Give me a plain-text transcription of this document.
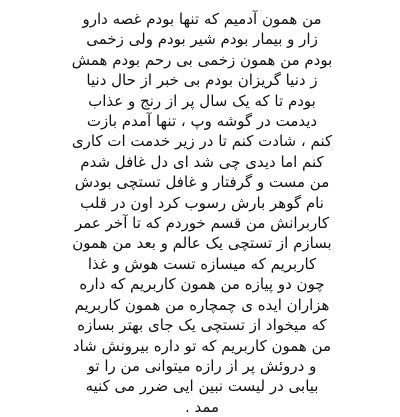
من همون آدمیم که تنها بودم غصه دارو
زار و بیمار بودم شیر بودم ولی زخمی
بودم من همون زخمی بی رحم بودم همش
ز دنیا گریزان بودم بی خبر از حال دنیا
بودم تا که یک سال پر از رنج و عذاب
دیدمت در گوشه وپ ، تنها آمدم بازت
کنم ، شادت کنم تا در زیر خدمت ات کاری
کنم اما دیدی چی شد ای دل غافل شدم
من مست و گرفتار و غافل تستچی بودش
نام گوهر بارش رسوب کرد اون در قلب
کاربرانش من قسم خوردم که تا آخر عمر
بسازم از تستچی یک عالم و بعد من همون
کاربریم که میسازه تست هوش و غذا
چون دو پیازه من همون کاربریم که داره
هزاران ایده ی چمچاره من همون کاربریم
که میخواد از تستچی یک جای بهتر بسازه
من همون کاربریم که تو داره بیرونش شاد
و دروئش پر از رازه میتوانی من را تو
بیابی در لیست نبین ایی ضرر می کنیه
ممد .
